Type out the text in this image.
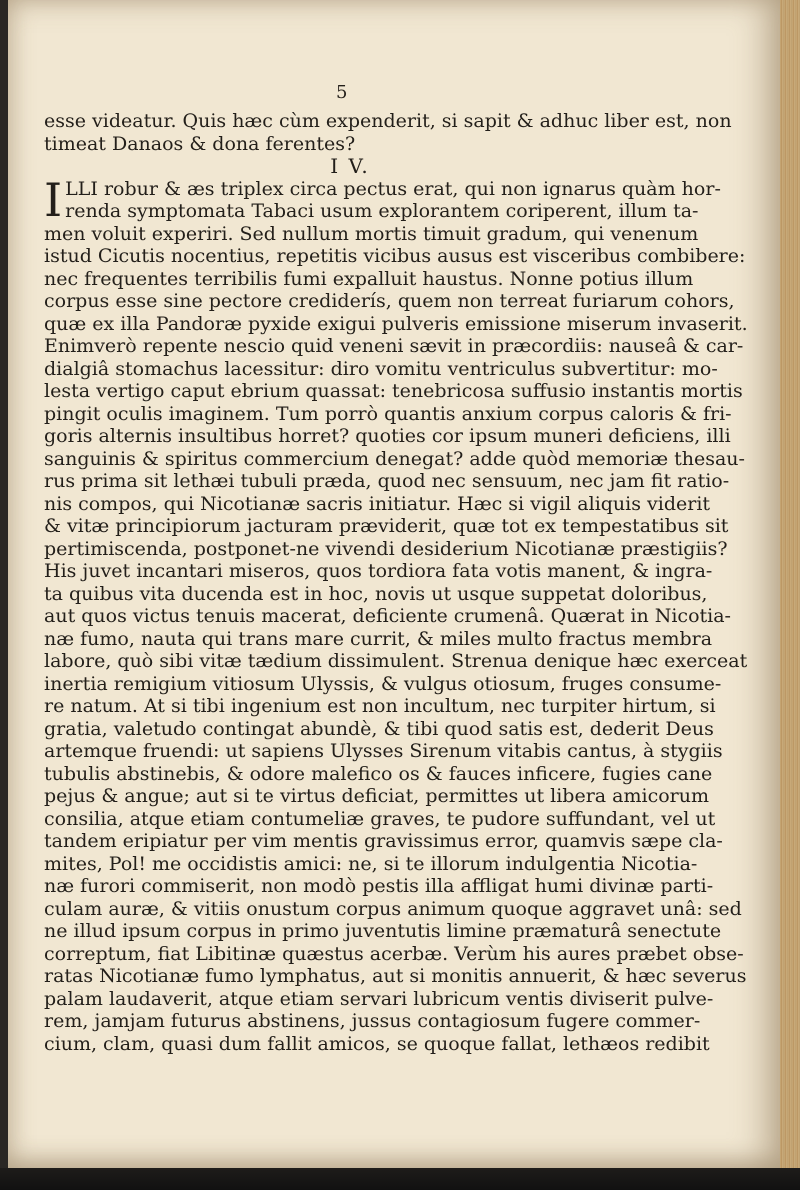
5
esse videatur. Quis hæc cùm expenderit, si sapit & adhuc liber est, non
timeat Danaos & dona ferentes?
I V.
I LLI robur & æs triplex circa pectus erat, qui non ignarus quàm hor-
renda symptomata Tabaci usum explorantem coriperent, illum ta-
men voluit experiri. Sed nullum mortis timuit gradum, qui venenum
istud Cicutis nocentius, repetitis vicibus ausus est visceribus combibere:
nec frequentes terribilis fumi expalluit haustus. Nonne potius illum
corpus esse sine pectore crediderís, quem non terreat furiarum cohors,
quæ ex illa Pandoræ pyxide exigui pulveris emissione miserum invaserit.
Enimverò repente nescio quid veneni sævit in præcordiis: nauseâ & car-
dialgiâ stomachus lacessitur: diro vomitu ventriculus subvertitur: mo-
lesta vertigo caput ebrium quassat: tenebricosa suffusio instantis mortis
pingit oculis imaginem. Tum porrò quantis anxium corpus caloris & fri-
goris alternis insultibus horret? quoties cor ipsum muneri deficiens, illi
sanguinis & spiritus commercium denegat? adde quòd memoriæ thesau-
rus prima sit lethæi tubuli præda, quod nec sensuum, nec jam fit ratio-
nis compos, qui Nicotianæ sacris initiatur. Hæc si vigil aliquis viderit
& vitæ principiorum jacturam præviderit, quæ tot ex tempestatibus sit
pertimiscenda, postponet-ne vivendi desiderium Nicotianæ præstigiis?
His juvet incantari miseros, quos tordiora fata votis manent, & ingra-
ta quibus vita ducenda est in hoc, novis ut usque suppetat doloribus,
aut quos victus tenuis macerat, deficiente crumenâ. Quærat in Nicotia-
næ fumo, nauta qui trans mare currit, & miles multo fractus membra
labore, quò sibi vitæ tædium dissimulent. Strenua denique hæc exerceat
inertia remigium vitiosum Ulyssis, & vulgus otiosum, fruges consume-
re natum. At si tibi ingenium est non incultum, nec turpiter hirtum, si
gratia, valetudo contingat abundè, & tibi quod satis est, dederit Deus
artemque fruendi: ut sapiens Ulysses Sirenum vitabis cantus, à stygiis
tubulis abstinebis, & odore malefico os & fauces inficere, fugies cane
pejus & angue; aut si te virtus deficiat, permittes ut libera amicorum
consilia, atque etiam contumeliæ graves, te pudore suffundant, vel ut
tandem eripiatur per vim mentis gravissimus error, quamvis sæpe cla-
mites, Pol! me occidistis amici: ne, si te illorum indulgentia Nicotia-
næ furori commiserit, non modò pestis illa affligat humi divinæ parti-
culam auræ, & vitiis onustum corpus animum quoque aggravet unâ: sed
ne illud ipsum corpus in primo juventutis limine præmaturâ senectute
correptum, fiat Libitinæ quæstus acerbæ. Verùm his aures præbet obse-
ratas Nicotianæ fumo lymphatus, aut si monitis annuerit, & hæc severus
palam laudaverit, atque etiam servari lubricum ventis diviserit pulve-
rem, jamjam futurus abstinens, jussus contagiosum fugere commer-
cium, clam, quasi dum fallit amicos, se quoque fallat, lethæos redibit
